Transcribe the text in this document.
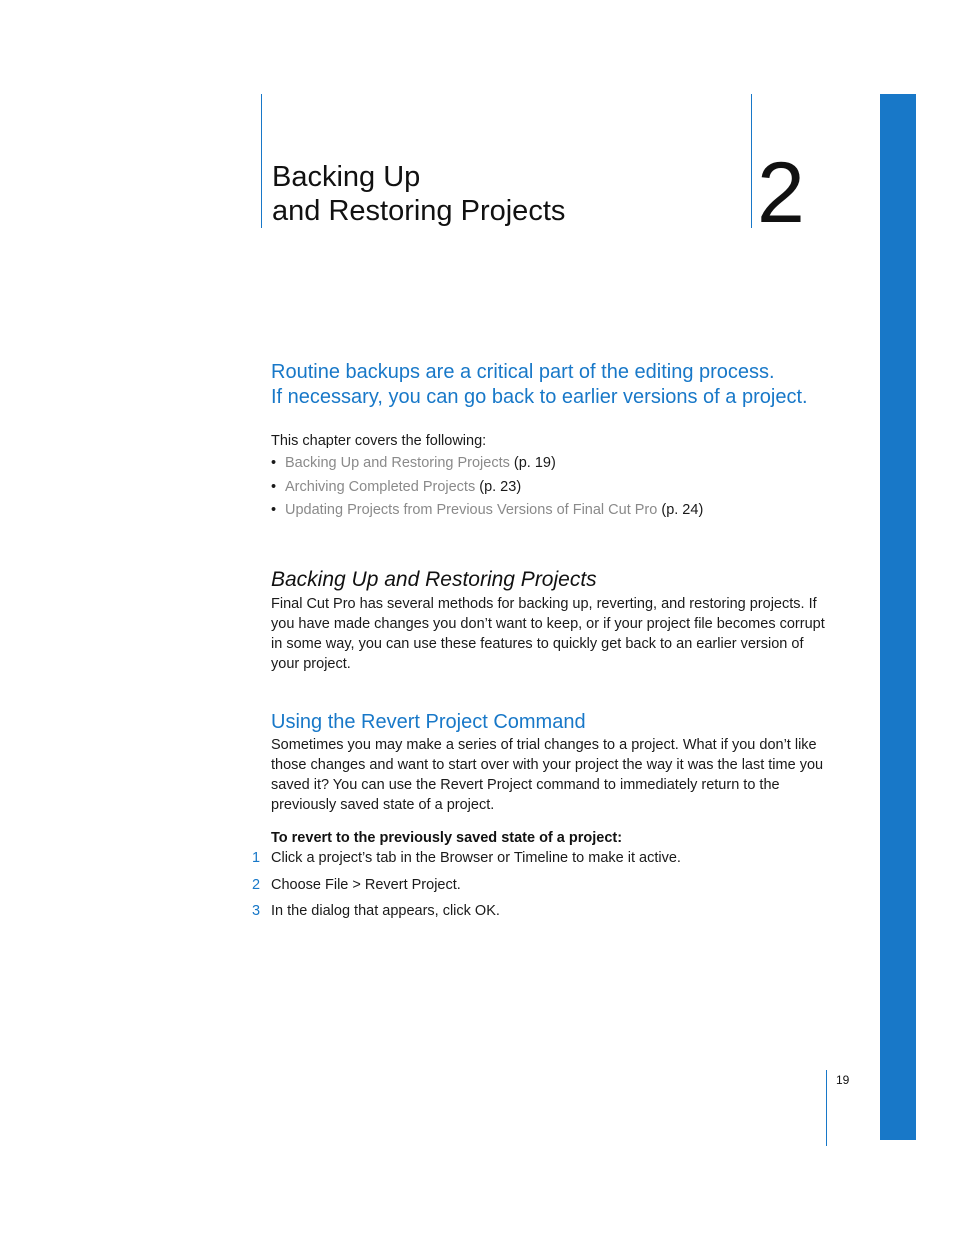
Backing Up
and Restoring Projects	2
Routine backups are a critical part of the editing process.
If necessary, you can go back to earlier versions of a project.
This chapter covers the following:
• Backing Up and Restoring Projects (p. 19)
• Archiving Completed Projects (p. 23)
• Updating Projects from Previous Versions of Final Cut Pro (p. 24)
Backing Up and Restoring Projects
Final Cut Pro has several methods for backing up, reverting, and restoring projects. If you have made changes you don’t want to keep, or if your project file becomes corrupt in some way, you can use these features to quickly get back to an earlier version of your project.
Using the Revert Project Command
Sometimes you may make a series of trial changes to a project. What if you don’t like those changes and want to start over with your project the way it was the last time you saved it? You can use the Revert Project command to immediately return to the previously saved state of a project.
To revert to the previously saved state of a project:
1 Click a project’s tab in the Browser or Timeline to make it active.
2 Choose File > Revert Project.
3 In the dialog that appears, click OK.
19
